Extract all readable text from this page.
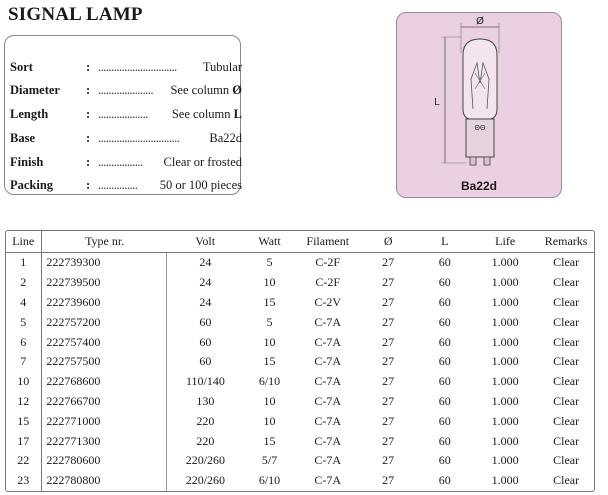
SIGNAL LAMP
Sort	: ..............................	Tubular
Diameter	: .....................	See column Ø
Length	: ...................	See column L
Base	: ...............................	Ba22d
Finish	: .................	Clear or frosted
Packing	: ...............	50 or 100 pieces
Ø
L
ΘΘ
Ba22d
Line	Type nr.	Volt	Watt	Filament	Ø	L	Life	Remarks
1	222739300	24	5	C-2F	27	60	1.000	Clear
2	222739500	24	10	C-2F	27	60	1.000	Clear
4	222739600	24	15	C-2V	27	60	1.000	Clear
5	222757200	60	5	C-7A	27	60	1.000	Clear
6	222757400	60	10	C-7A	27	60	1.000	Clear
7	222757500	60	15	C-7A	27	60	1.000	Clear
10	222768600	110/140	6/10	C-7A	27	60	1.000	Clear
12	222766700	130	10	C-7A	27	60	1.000	Clear
15	222771000	220	10	C-7A	27	60	1.000	Clear
17	222771300	220	15	C-7A	27	60	1.000	Clear
22	222780600	220/260	5/7	C-7A	27	60	1.000	Clear
23	222780800	220/260	6/10	C-7A	27	60	1.000	Clear
